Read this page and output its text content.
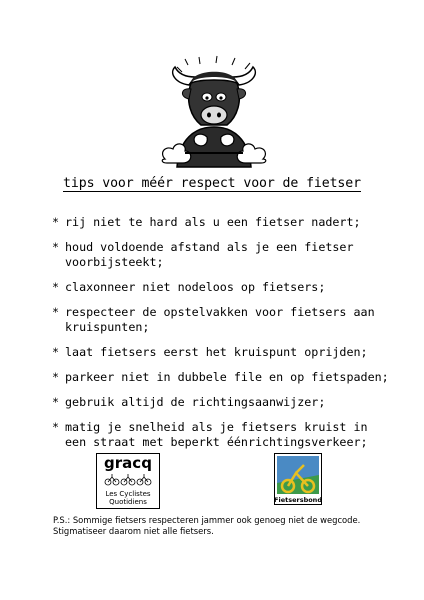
tips voor méér respect voor de fietser
* rij niet te hard als u een fietser nadert;
* houd voldoende afstand als je een fietser voorbijsteekt;
* claxonneer niet nodeloos op fietsers;
* respecteer de opstelvakken voor fietsers aan kruispunten;
* laat fietsers eerst het kruispunt oprijden;
* parkeer niet in dubbele file en op fietspaden;
* gebruik altijd de richtingsaanwijzer;
* matig je snelheid als je fietsers kruist in een straat met beperkt éénrichtingsverkeer;
gracq
Les Cyclistes
Quotidiens	Fietsersbond
P.S.: Sommige fietsers respecteren jammer ook genoeg niet de wegcode. Stigmatiseer daarom niet alle fietsers.
